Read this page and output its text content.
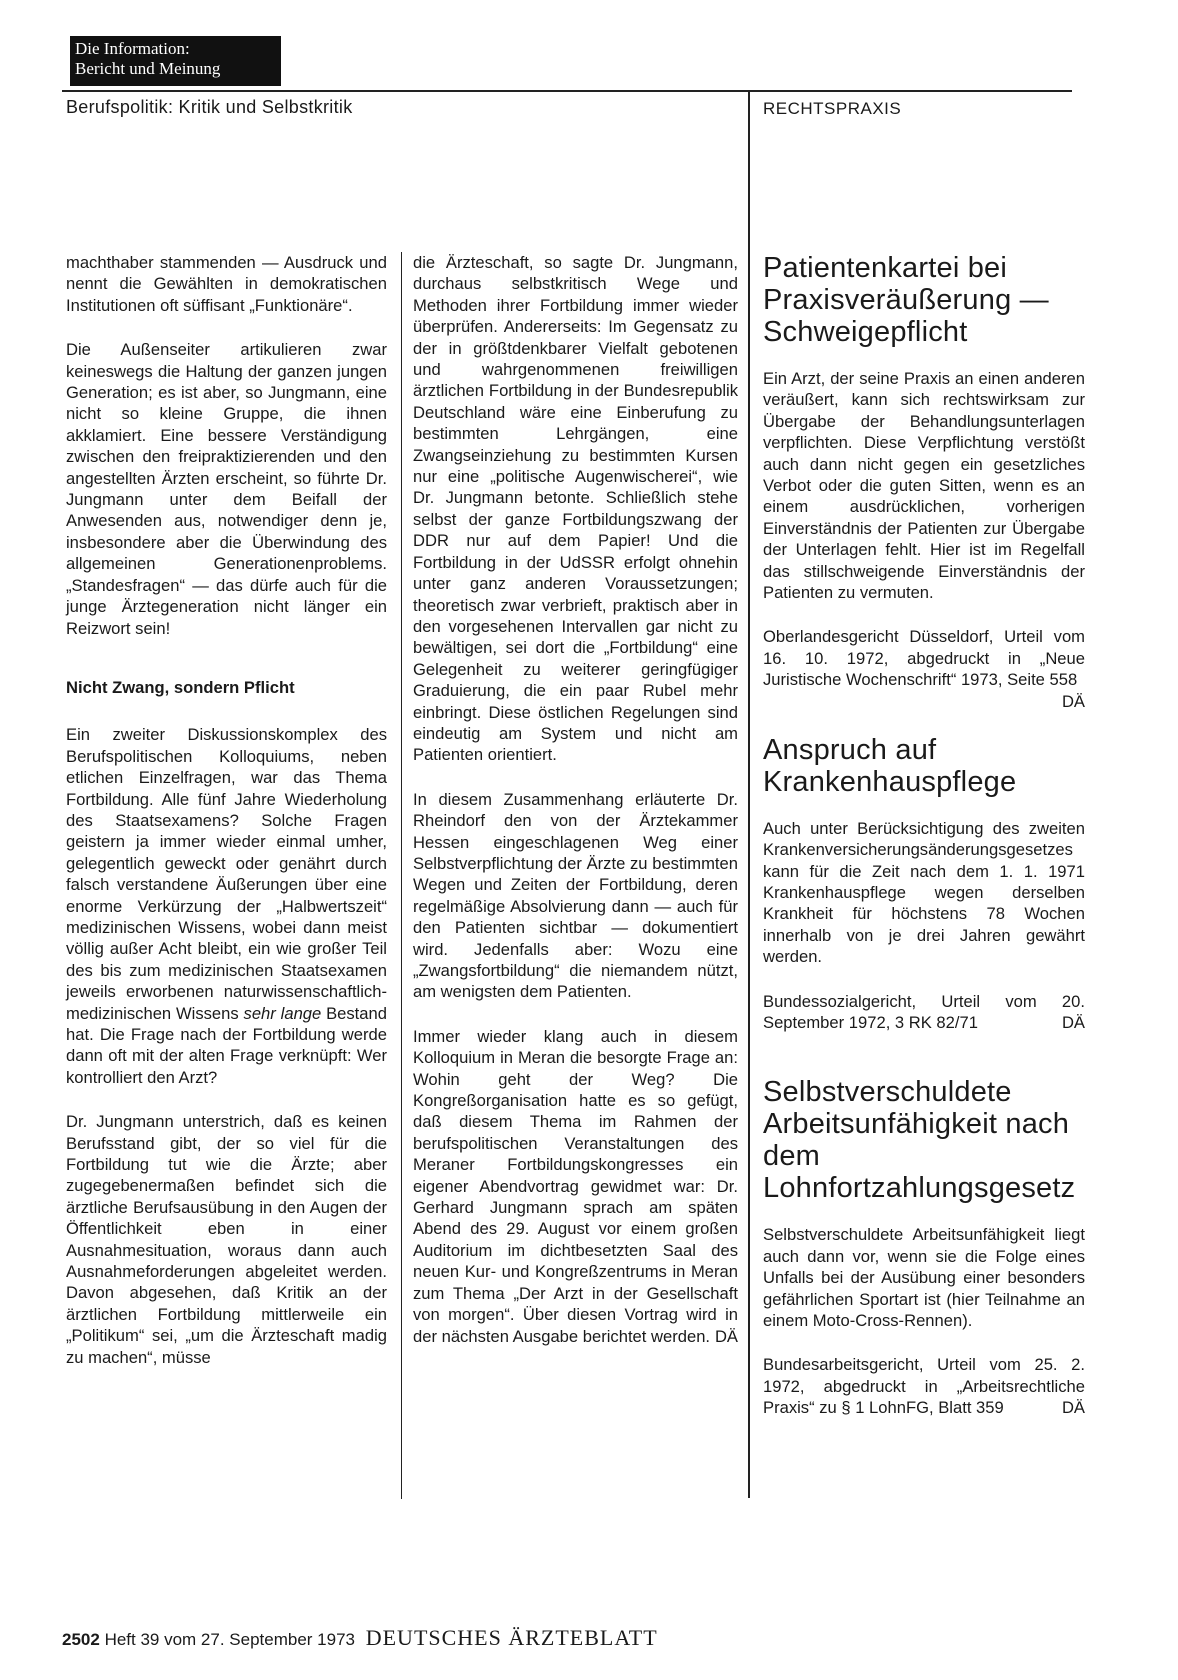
Die Information:
Bericht und Meinung
Berufspolitik: Kritik und Selbstkritik	RECHTSPRAXIS

machthaber stammenden — Ausdruck und nennt die Gewählten in demokratischen Institutionen oft süffisant „Funktionäre“.

Die Außenseiter artikulieren zwar keineswegs die Haltung der ganzen jungen Generation; es ist aber, so Jungmann, eine nicht so kleine Gruppe, die ihnen akklamiert. Eine bessere Verständigung zwischen den freipraktizierenden und den angestellten Ärzten erscheint, so führte Dr. Jungmann unter dem Beifall der Anwesenden aus, notwendiger denn je, insbesondere aber die Überwindung des allgemeinen Generationenproblems. „Standesfragen“ — das dürfe auch für die junge Ärztegeneration nicht länger ein Reizwort sein!

Nicht Zwang, sondern Pflicht

Ein zweiter Diskussionskomplex des Berufspolitischen Kolloquiums, neben etlichen Einzelfragen, war das Thema Fortbildung. Alle fünf Jahre Wiederholung des Staatsexamens? Solche Fragen geistern ja immer wieder einmal umher, gelegentlich geweckt oder genährt durch falsch verstandene Äußerungen über eine enorme Verkürzung der „Halbwertszeit“ medizinischen Wissens, wobei dann meist völlig außer Acht bleibt, ein wie großer Teil des bis zum medizinischen Staatsexamen jeweils erworbenen naturwissenschaftlich-medizinischen Wissens sehr lange Bestand hat. Die Frage nach der Fortbildung werde dann oft mit der alten Frage verknüpft: Wer kontrolliert den Arzt?

Dr. Jungmann unterstrich, daß es keinen Berufsstand gibt, der so viel für die Fortbildung tut wie die Ärzte; aber zugegebenermaßen befindet sich die ärztliche Berufsausübung in den Augen der Öffentlichkeit eben in einer Ausnahmesituation, woraus dann auch Ausnahmeforderungen abgeleitet werden. Davon abgesehen, daß Kritik an der ärztlichen Fortbildung mittlerweile ein „Politikum“ sei, „um die Ärzteschaft madig zu machen“, müsse

die Ärzteschaft, so sagte Dr. Jungmann, durchaus selbstkritisch Wege und Methoden ihrer Fortbildung immer wieder überprüfen. Andererseits: Im Gegensatz zu der in größtdenkbarer Vielfalt gebotenen und wahrgenommenen freiwilligen ärztlichen Fortbildung in der Bundesrepublik Deutschland wäre eine Einberufung zu bestimmten Lehrgängen, eine Zwangseinziehung zu bestimmten Kursen nur eine „politische Augenwischerei“, wie Dr. Jungmann betonte. Schließlich stehe selbst der ganze Fortbildungszwang der DDR nur auf dem Papier! Und die Fortbildung in der UdSSR erfolgt ohnehin unter ganz anderen Voraussetzungen; theoretisch zwar verbrieft, praktisch aber in den vorgesehenen Intervallen gar nicht zu bewältigen, sei dort die „Fortbildung“ eine Gelegenheit zu weiterer geringfügiger Graduierung, die ein paar Rubel mehr einbringt. Diese östlichen Regelungen sind eindeutig am System und nicht am Patienten orientiert.

In diesem Zusammenhang erläuterte Dr. Rheindorf den von der Ärztekammer Hessen eingeschlagenen Weg einer Selbstverpflichtung der Ärzte zu bestimmten Wegen und Zeiten der Fortbildung, deren regelmäßige Absolvierung dann — auch für den Patienten sichtbar — dokumentiert wird. Jedenfalls aber: Wozu eine „Zwangsfortbildung“ die niemandem nützt, am wenigsten dem Patienten.

Immer wieder klang auch in diesem Kolloquium in Meran die besorgte Frage an: Wohin geht der Weg? Die Kongreßorganisation hatte es so gefügt, daß diesem Thema im Rahmen der berufspolitischen Veranstaltungen des Meraner Fortbildungskongresses ein eigener Abendvortrag gewidmet war: Dr. Gerhard Jungmann sprach am späten Abend des 29. August vor einem großen Auditorium im dichtbesetzten Saal des neuen Kur- und Kongreßzentrums in Meran zum Thema „Der Arzt in der Gesellschaft von morgen“. Über diesen Vortrag wird in der nächsten Ausgabe berichtet werden. DÄ

Patientenkartei bei Praxisveräußerung — Schweigepflicht

Ein Arzt, der seine Praxis an einen anderen veräußert, kann sich rechtswirksam zur Übergabe der Behandlungsunterlagen verpflichten. Diese Verpflichtung verstößt auch dann nicht gegen ein gesetzliches Verbot oder die guten Sitten, wenn es an einem ausdrücklichen, vorherigen Einverständnis der Patienten zur Übergabe der Unterlagen fehlt. Hier ist im Regelfall das stillschweigende Einverständnis der Patienten zu vermuten.

Oberlandesgericht Düsseldorf, Urteil vom 16. 10. 1972, abgedruckt in „Neue Juristische Wochenschrift“ 1973, Seite 558
DÄ

Anspruch auf Krankenhauspflege

Auch unter Berücksichtigung des zweiten Krankenversicherungsänderungsgesetzes kann für die Zeit nach dem 1. 1. 1971 Krankenhauspflege wegen derselben Krankheit für höchstens 78 Wochen innerhalb von je drei Jahren gewährt werden.

Bundessozialgericht, Urteil vom 20. September 1972, 3 RK 82/71	DÄ

Selbstverschuldete Arbeitsunfähigkeit nach dem Lohnfortzahlungsgesetz

Selbstverschuldete Arbeitsunfähigkeit liegt auch dann vor, wenn sie die Folge eines Unfalls bei der Ausübung einer besonders gefährlichen Sportart ist (hier Teilnahme an einem Moto-Cross-Rennen).

Bundesarbeitsgericht, Urteil vom 25. 2. 1972, abgedruckt in „Arbeitsrechtliche Praxis“ zu § 1 LohnFG, Blatt 359	DÄ

2502 Heft 39 vom 27. September 1973 DEUTSCHES ÄRZTEBLATT
